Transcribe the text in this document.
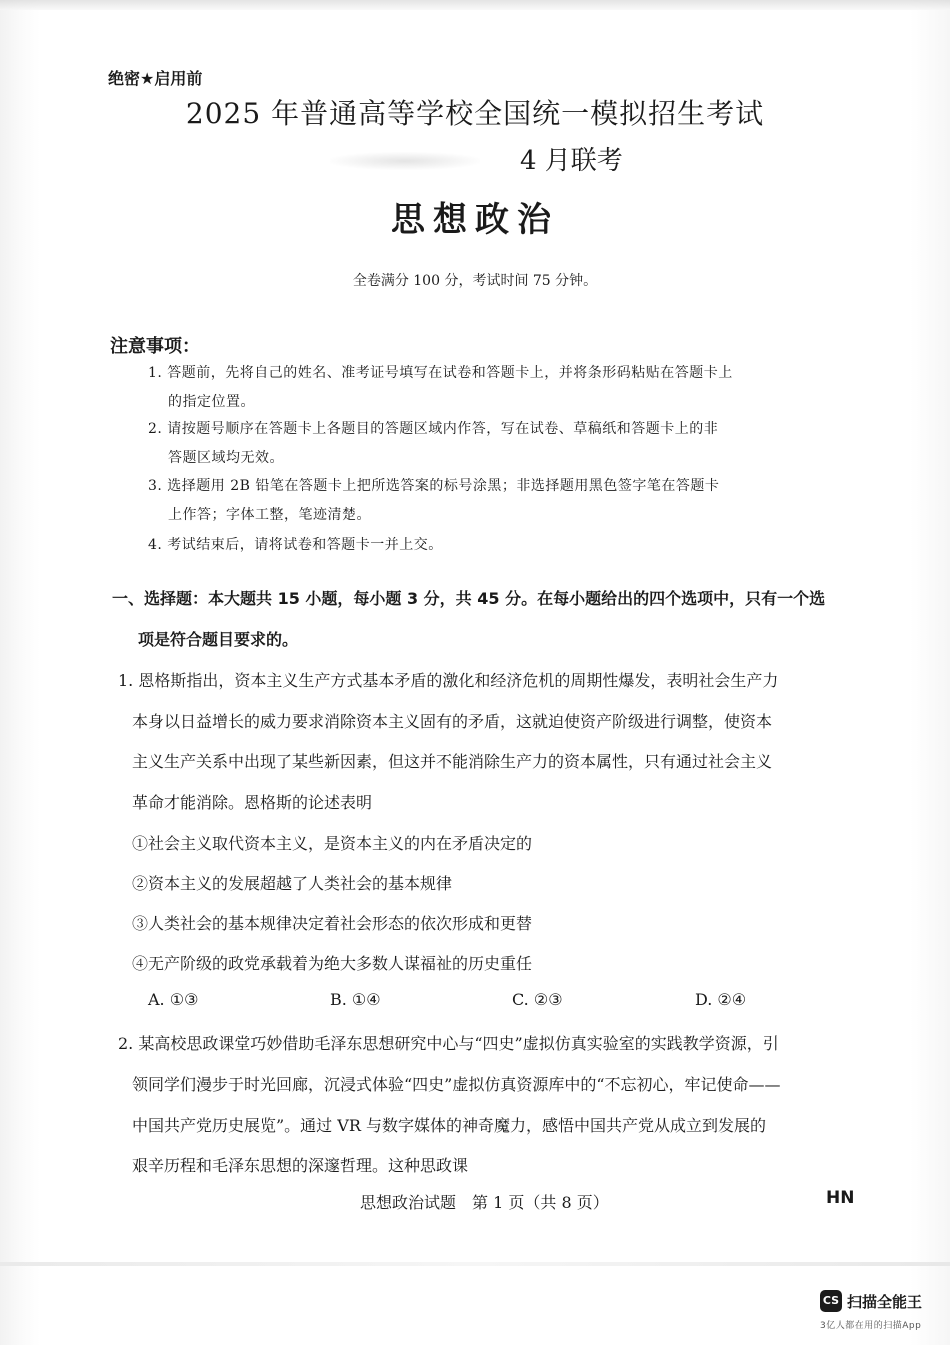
绝密★启用前
2025 年普通高等学校全国统一模拟招生考试
4 月联考
思想政治
全卷满分 100 分，考试时间 75 分钟。
注意事项：
1. 答题前，先将自己的姓名、准考证号填写在试卷和答题卡上，并将条形码粘贴在答题卡上
的指定位置。
2. 请按题号顺序在答题卡上各题目的答题区域内作答，写在试卷、草稿纸和答题卡上的非
答题区域均无效。
3. 选择题用 2B 铅笔在答题卡上把所选答案的标号涂黑；非选择题用黑色签字笔在答题卡
上作答；字体工整，笔迹清楚。
4. 考试结束后，请将试卷和答题卡一并上交。
一、选择题：本大题共 15 小题，每小题 3 分，共 45 分。在每小题给出的四个选项中，只有一个选
项是符合题目要求的。
1. 恩格斯指出，资本主义生产方式基本矛盾的激化和经济危机的周期性爆发，表明社会生产力
本身以日益增长的威力要求消除资本主义固有的矛盾，这就迫使资产阶级进行调整，使资本
主义生产关系中出现了某些新因素，但这并不能消除生产力的资本属性，只有通过社会主义
革命才能消除。恩格斯的论述表明
①社会主义取代资本主义，是资本主义的内在矛盾决定的
②资本主义的发展超越了人类社会的基本规律
③人类社会的基本规律决定着社会形态的依次形成和更替
④无产阶级的政党承载着为绝大多数人谋福祉的历史重任
A. ①③	B. ①④	C. ②③	D. ②④
2. 某高校思政课堂巧妙借助毛泽东思想研究中心与“四史”虚拟仿真实验室的实践教学资源，引
领同学们漫步于时光回廊，沉浸式体验“四史”虚拟仿真资源库中的“不忘初心，牢记使命——
中国共产党历史展览”。通过 VR 与数字媒体的神奇魔力，感悟中国共产党从成立到发展的
艰辛历程和毛泽东思想的深邃哲理。这种思政课
思想政治试题　第 1 页（共 8 页）	HN
CS 扫描全能王
3亿人都在用的扫描App
